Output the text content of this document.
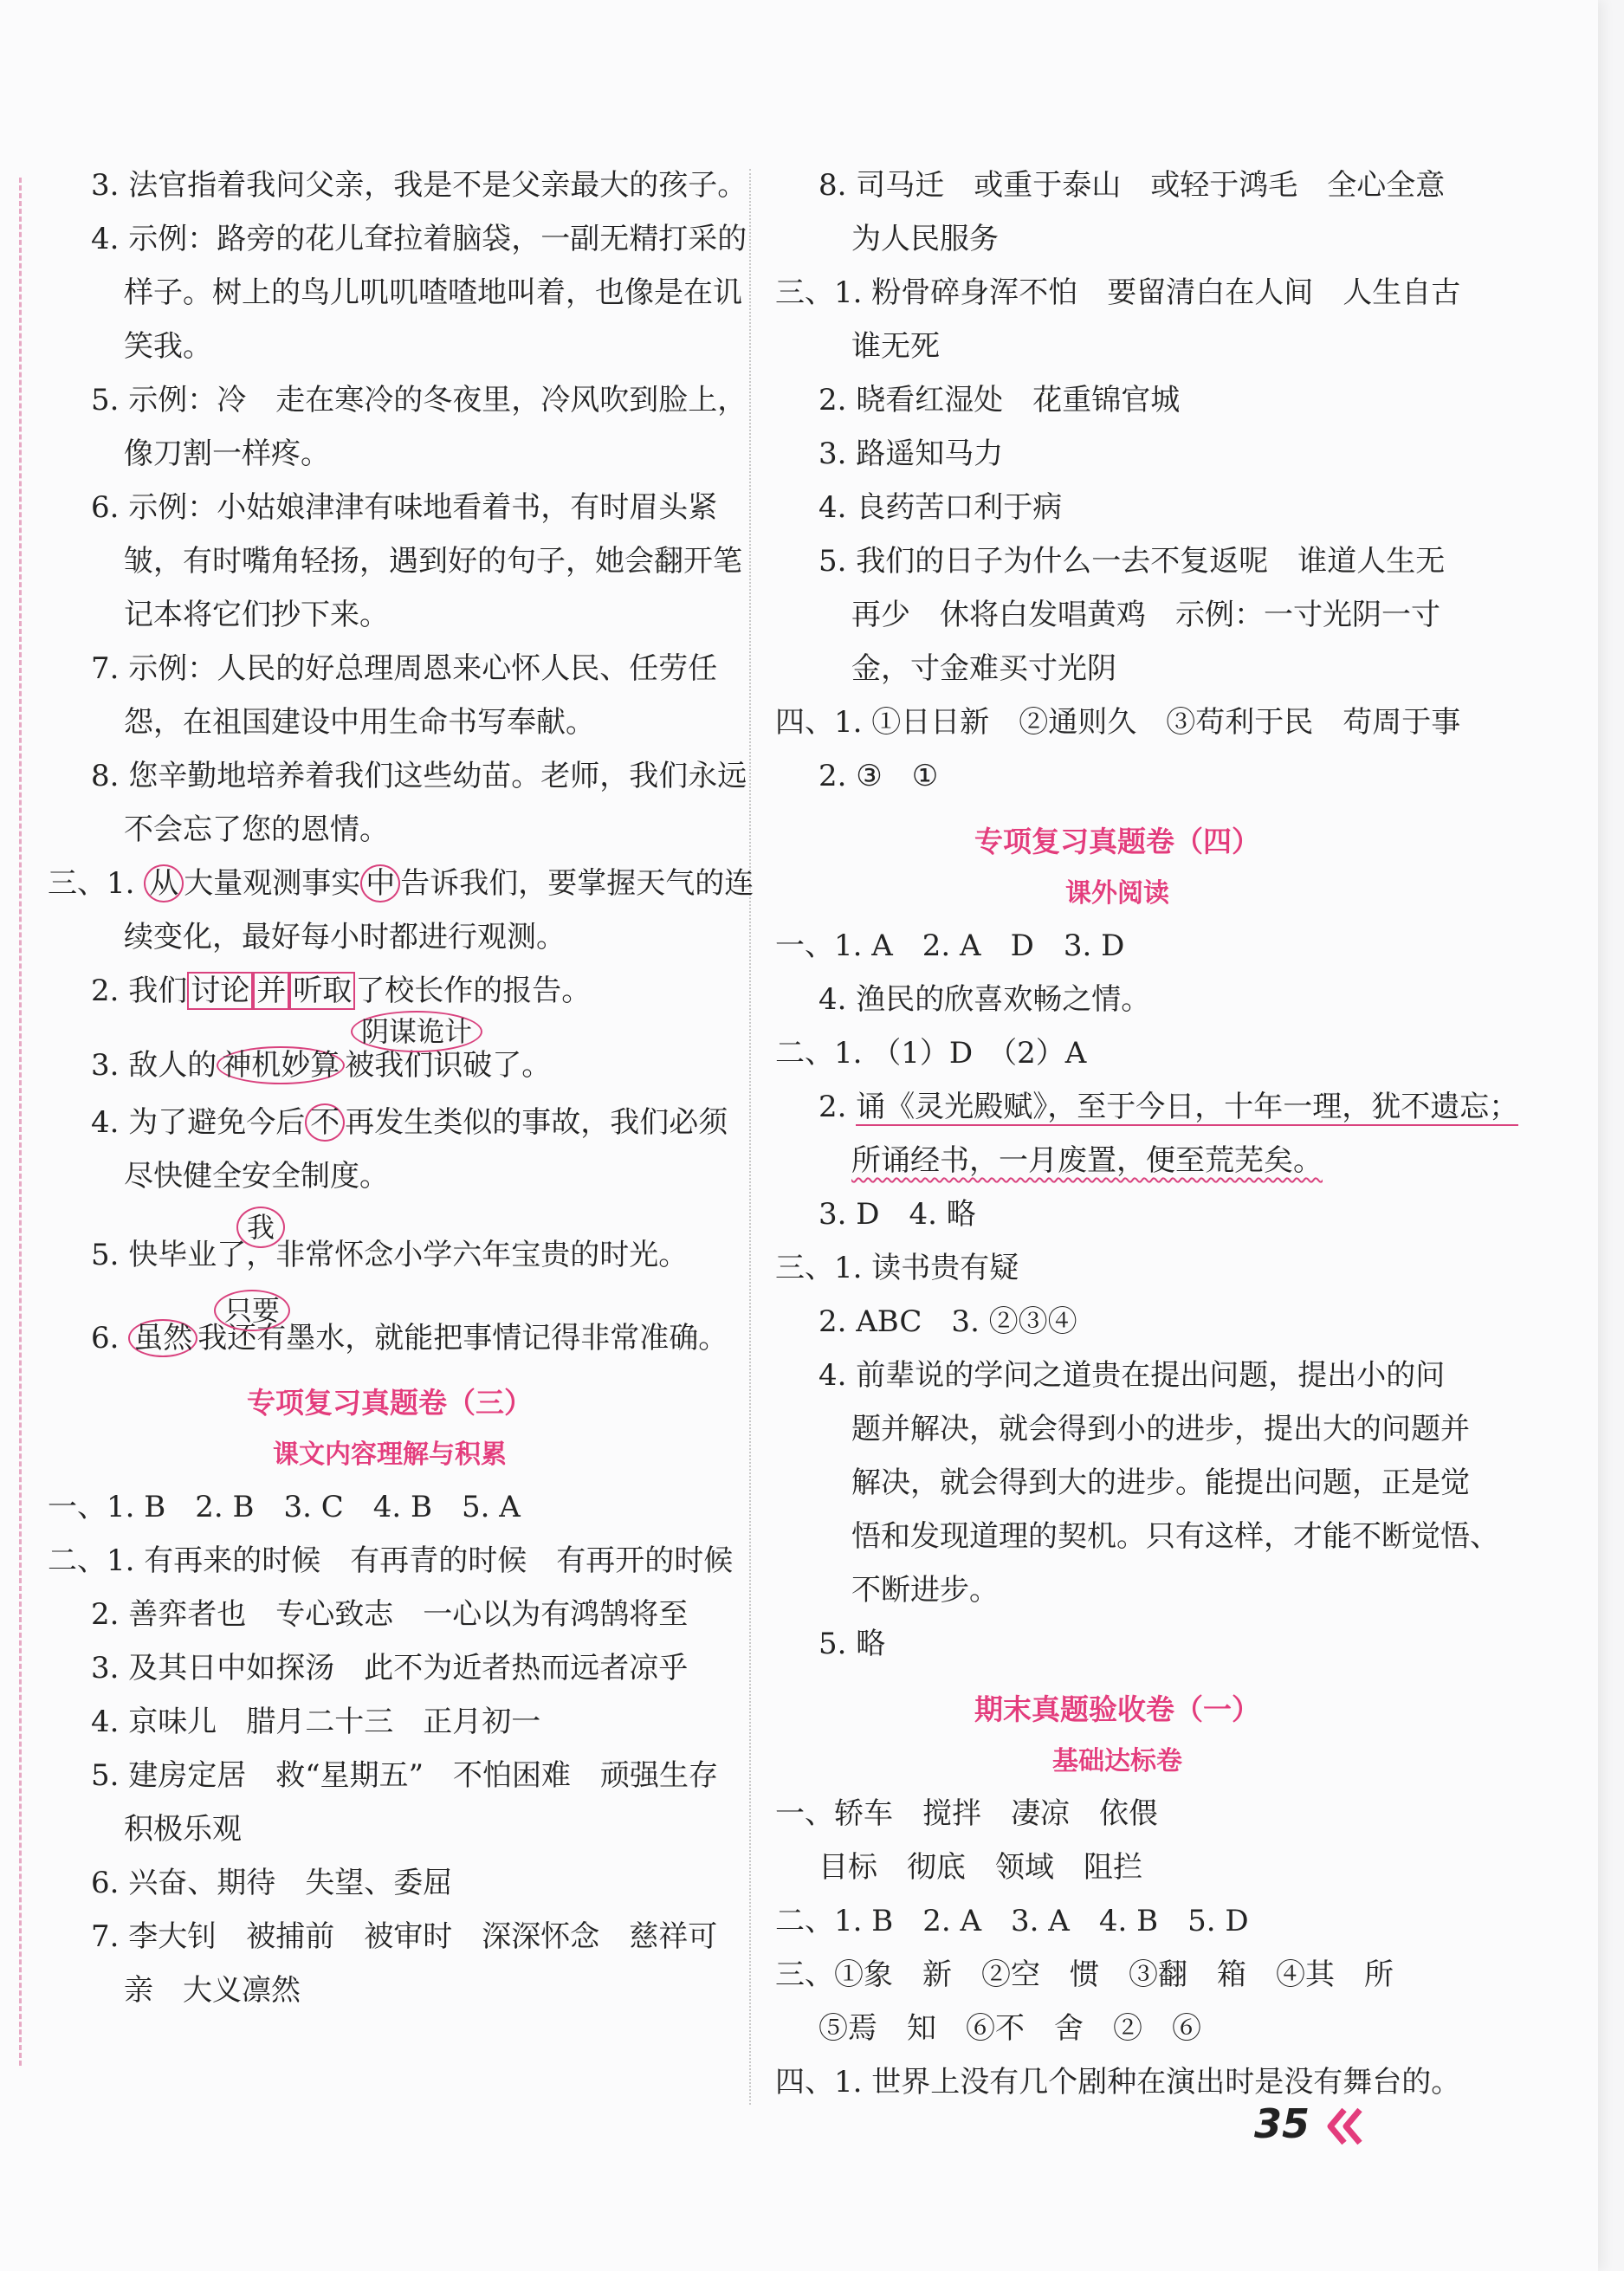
3. 法官指着我问父亲，我是不是父亲最大的孩子。
4. 示例：路旁的花儿耷拉着脑袋，一副无精打采的
样子。树上的鸟儿叽叽喳喳地叫着，也像是在讥
笑我。
5. 示例：冷　走在寒冷的冬夜里，冷风吹到脸上，
像刀割一样疼。
6. 示例：小姑娘津津有味地看着书，有时眉头紧
皱，有时嘴角轻扬，遇到好的句子，她会翻开笔
记本将它们抄下来。
7. 示例：人民的好总理周恩来心怀人民、任劳任
怨，在祖国建设中用生命书写奉献。
8. 您辛勤地培养着我们这些幼苗。老师，我们永远
不会忘了您的恩情。
三、1. 从 大量观测事实 中 告诉我们，要掌握天气的连
续变化，最好每小时都进行观测。
2. 我们 讨论 并 听取 了校长作的报告。
阴谋诡计
3. 敌人的 神机妙算 被我们识破了。
4. 为了避免今后 不 再发生类似的事故，我们必须
尽快健全安全制度。
我
5. 快毕业了，非常怀念小学六年宝贵的时光。
只要
6. 虽然 我还有墨水，就能把事情记得非常准确。
专项复习真题卷（三）
课文内容理解与积累
一、1. B　2. B　3. C　4. B　5. A
二、1. 有再来的时候　有再青的时候　有再开的时候
2. 善弈者也　专心致志　一心以为有鸿鹄将至
3. 及其日中如探汤　此不为近者热而远者凉乎
4. 京味儿　腊月二十三　正月初一
5. 建房定居　救“星期五”　不怕困难　顽强生存
积极乐观
6. 兴奋、期待　失望、委屈
7. 李大钊　被捕前　被审时　深深怀念　慈祥可
亲　大义凛然
8. 司马迁　或重于泰山　或轻于鸿毛　全心全意
为人民服务
三、1. 粉骨碎身浑不怕　要留清白在人间　人生自古
谁无死
2. 晓看红湿处　花重锦官城
3. 路遥知马力
4. 良药苦口利于病
5. 我们的日子为什么一去不复返呢　谁道人生无
再少　休将白发唱黄鸡　示例：一寸光阴一寸
金，寸金难买寸光阴
四、1. ①日日新　②通则久　③苟利于民　苟周于事
2. ③　①
专项复习真题卷（四）
课外阅读
一、1. A　2. A　D　3. D
4. 渔民的欣喜欢畅之情。
二、1. （1）D　（2）A
2. 诵《灵光殿赋》，至于今日，十年一理，犹不遗忘；
所诵经书，一月废置，便至荒芜矣。
3. D　4. 略
三、1. 读书贵有疑
2. ABC　3. ②③④
4. 前辈说的学问之道贵在提出问题，提出小的问
题并解决，就会得到小的进步，提出大的问题并
解决，就会得到大的进步。能提出问题，正是觉
悟和发现道理的契机。只有这样，才能不断觉悟、
不断进步。
5. 略
期末真题验收卷（一）
基础达标卷
一、轿车　搅拌　凄凉　依偎
目标　彻底　领域　阻拦
二、1. B　2. A　3. A　4. B　5. D
三、①象　新　②空　惯　③翻　箱　④其　所
⑤焉　知　⑥不　舍　②　⑥
四、1. 世界上没有几个剧种在演出时是没有舞台的。
35
